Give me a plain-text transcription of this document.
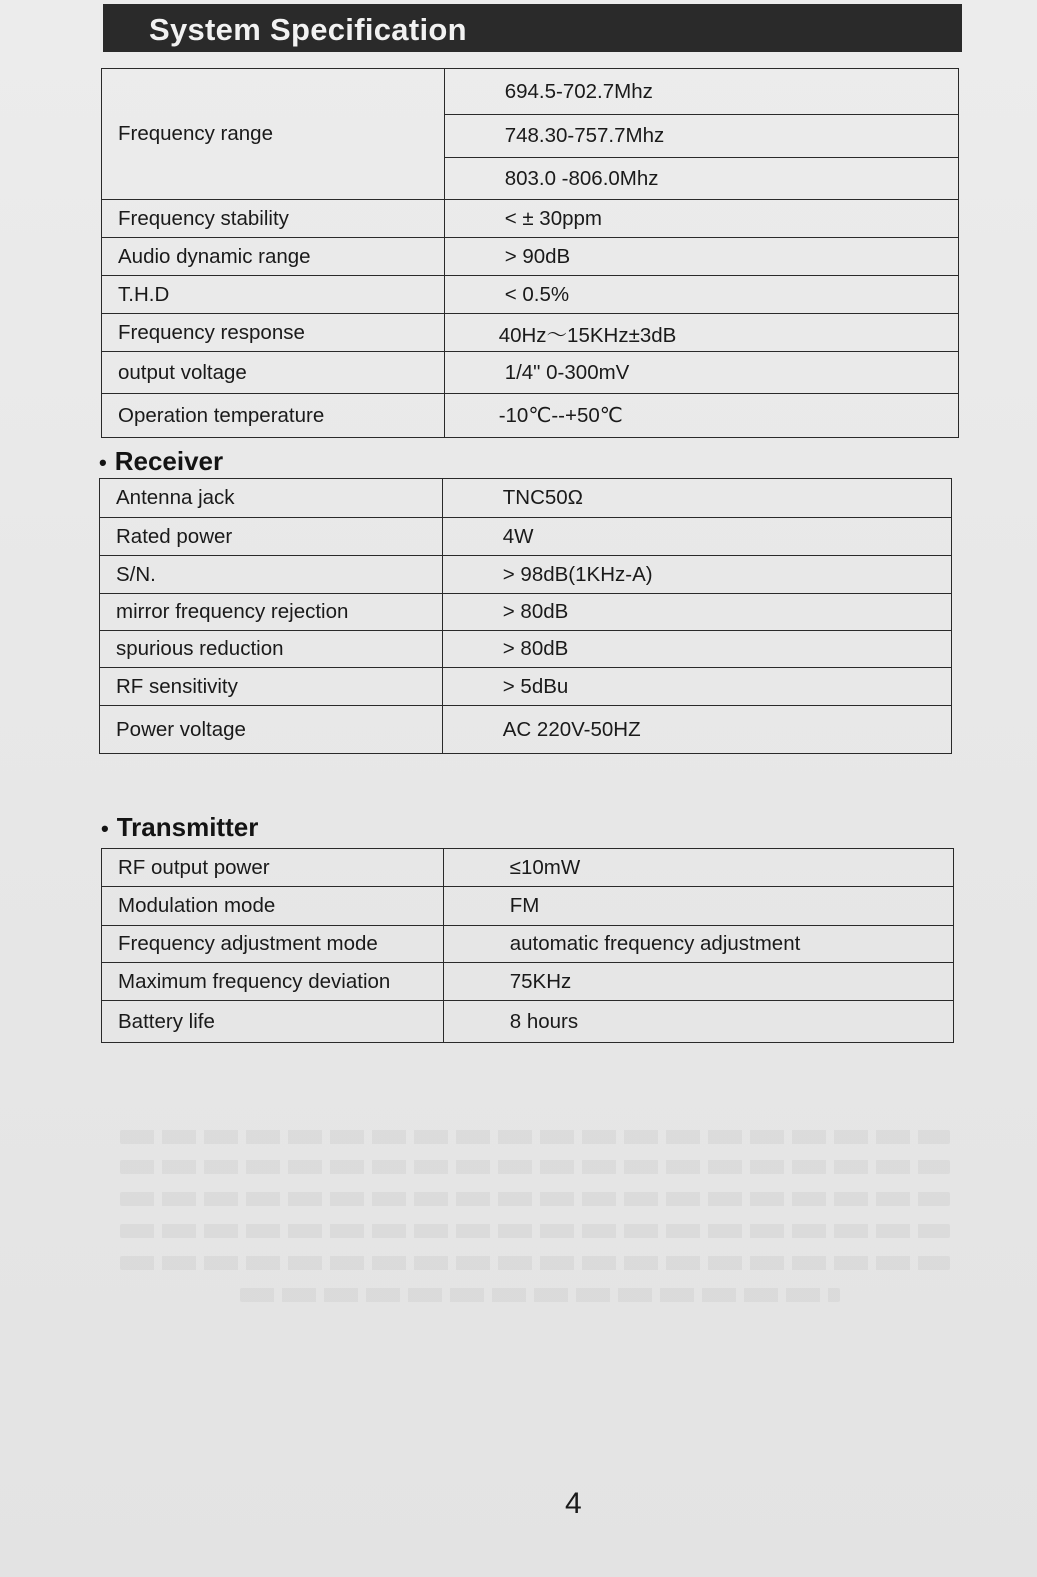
System Specification
Frequency range	694.5-702.7Mhz
	748.30-757.7Mhz
	803.0 -806.0Mhz
Frequency stability	< ± 30ppm
Audio dynamic range	> 90dB
T.H.D	< 0.5%
Frequency response	40Hz～15KHz±3dB
output voltage	1/4" 0-300mV
Operation temperature	-10℃--+50℃
• Receiver
Antenna jack	TNC50Ω
Rated power	4W
S/N.	> 98dB(1KHz-A)
mirror frequency rejection	> 80dB
spurious reduction	> 80dB
RF sensitivity	> 5dBu
Power voltage	AC 220V-50HZ
• Transmitter
RF output power	≤10mW
Modulation mode	FM
Frequency adjustment mode	automatic frequency adjustment
Maximum frequency deviation	75KHz
Battery life	8 hours
4
